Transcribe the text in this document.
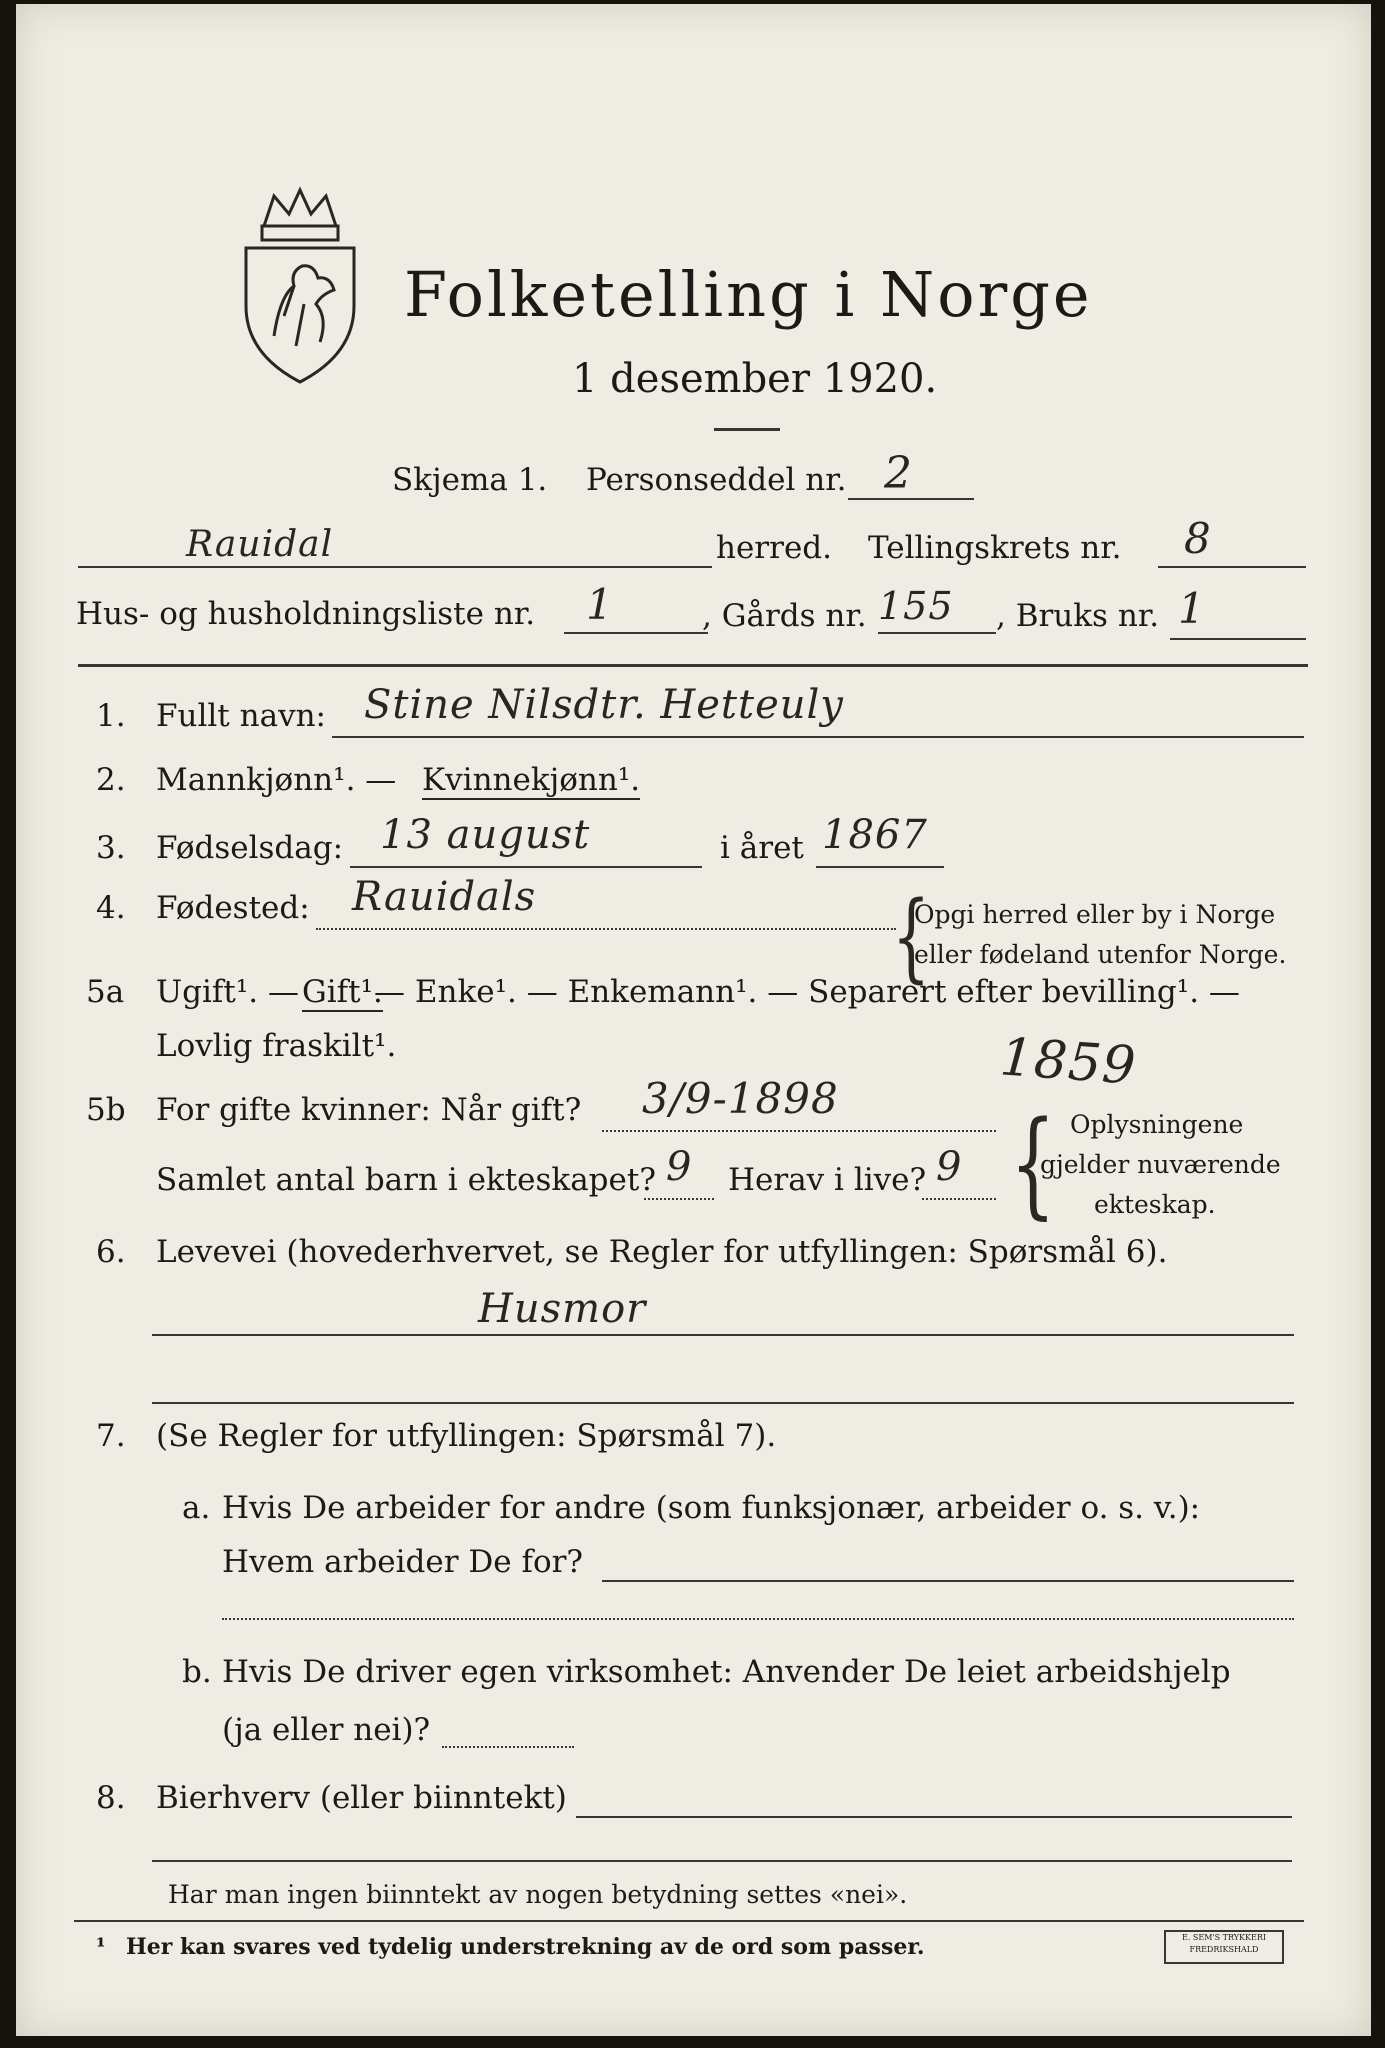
Folketelling i Norge
1 desember 1920.
Skjema 1. Personseddel nr. 2
Rauidal	herred. Tellingskrets nr. 8
Hus- og husholdningsliste nr. 1	, Gårds nr. 155 , Bruks nr. 1
1. Fullt navn: Stine Nilsdtr. Hetteuly
2. Mannkjønn¹. — Kvinnekjønn¹.
3. Fødselsdag: 13 august	i året 1867
4. Fødested: Rauidals	{
Opgi herred eller by i Norge
eller fødeland utenfor Norge.
5a Ugift¹. — Gift¹.
— Enke¹. — Enkemann¹. — Separert efter bevilling¹. —
Lovlig fraskilt¹.	1859
5b For gifte kvinner: Når gift? 3/9-1898
Samlet antal barn i ekteskapet? 9 Herav i live? 9 { Oplysningene
gjelder nuværende
ekteskap.
6. Levevei (hovederhvervet, se Regler for utfyllingen: Spørsmål 6).
Husmor
7. (Se Regler for utfyllingen: Spørsmål 7).
a. Hvis De arbeider for andre (som funksjonær, arbeider o. s. v.):
Hvem arbeider De for?
b. Hvis De driver egen virksomhet: Anvender De leiet arbeidshjelp
(ja eller nei)?
8. Bierhverv (eller biinntekt)
Har man ingen biinntekt av nogen betydning settes «nei».
¹ Her kan svares ved tydelig understrekning av de ord som passer.	E. SEM'S TRYKKERI FREDRIKSHALD
